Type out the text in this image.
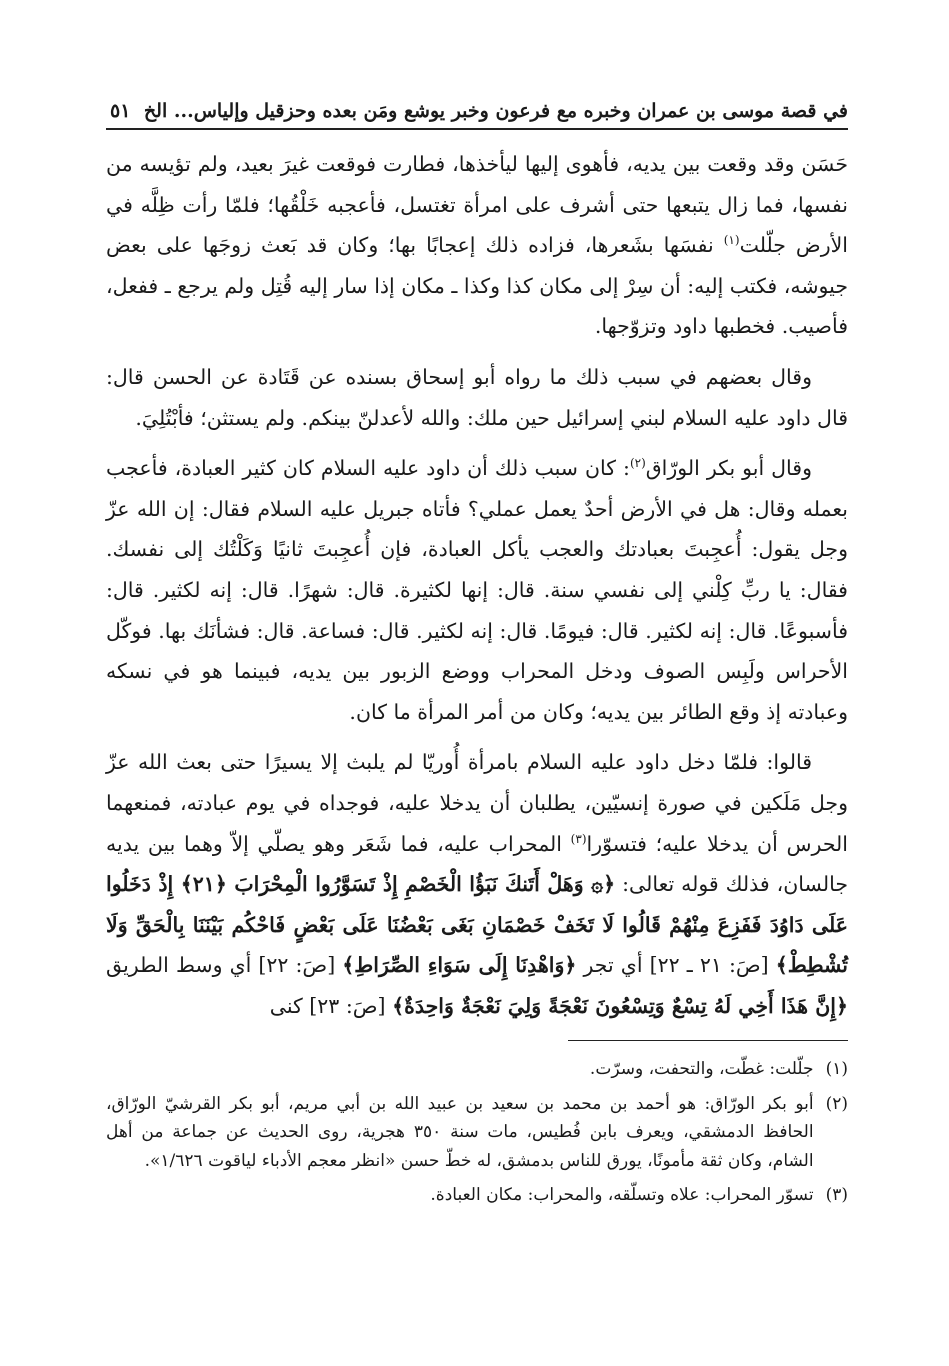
في قصة موسى بن عمران وخبره مع فرعون وخبر يوشع ومَن بعده وحزقيل وإلياس... الخ
٥١

حَسَن وقد وقعت بين يديه، فأهوى إليها ليأخذها، فطارت فوقعت غيرَ بعيد، ولم تؤيسه من نفسها، فما زال يتبعها حتى أشرف على امرأة تغتسل، فأعجبه خَلْقُها؛ فلمّا رأت ظِلَّه في الأرض جلّلت$^{(١)}$ نفسَها بشَعرها، فزاده ذلك إعجابًا بها؛ وكان قد بَعث زوجَها على بعض جيوشه، فكتب إليه: أن سِرْ إلى مكان كذا وكذا ـ مكان إذا سار إليه قُتِل ولم يرجع ـ ففعل، فأصيب. فخطبها داود وتزوّجها.

وقال بعضهم في سبب ذلك ما رواه أبو إسحاق بسنده عن قَتَادة عن الحسن قال: قال داود عليه السلام لبني إسرائيل حين ملك: والله لأعدلنّ بينكم. ولم يستثن؛ فأبْتُلِيَ.

وقال أبو بكر الورّاق$^{(٢)}$: كان سبب ذلك أن داود عليه السلام كان كثير العبادة، فأعجب بعمله وقال: هل في الأرض أحدٌ يعمل عملي؟ فأتاه جبريل عليه السلام فقال: إن الله عزّ وجل يقول: أُعجِبتَ بعبادتك والعجب يأكل العبادة، فإن أُعجِبتَ ثانيًا وَكَلْتُك إلى نفسك. فقال: يا ربِّ كِلْني إلى نفسي سنة. قال: إنها لكثيرة. قال: شهرًا. قال: إنه لكثير. قال: فأسبوعًا. قال: إنه لكثير. قال: فيومًا. قال: إنه لكثير. قال: فساعة. قال: فشأنَك بها. فوكّل الأحراس ولَبِس الصوف ودخل المحراب ووضع الزبور بين يديه، فبينما هو في نسكه وعبادته إذ وقع الطائر بين يديه؛ وكان من أمر المرأة ما كان.

قالوا: فلمّا دخل داود عليه السلام بامرأة أُوريّا لم يلبث إلا يسيرًا حتى بعث الله عزّ وجل مَلَكين في صورة إنسيّين، يطلبان أن يدخلا عليه، فوجداه في يوم عبادته، فمنعهما الحرس أن يدخلا عليه؛ فتسوّرا$^{(٣)}$ المحراب عليه، فما شَعَر وهو يصلّي إلاّ وهما بين يديه جالسان، فذلك قوله تعالى: ﴿۞ وَهَلْ أَتَنكَ نَبَؤُا الْخَصْمِ إِذْ تَسَوَّرُوا الْمِحْرَابَ ﴿٢١﴾ إِذْ دَخَلُوا عَلَى دَاوُدَ فَفَزِعَ مِنْهُمْ قَالُوا لَا تَخَفْ خَصْمَانِ بَغَى بَعْضُنَا عَلَى بَعْضٍ فَاحْكُم بَيْنَنَا بِالْحَقِّ وَلَا تُشْطِطْ﴾ [صَ: ٢١ ـ ٢٢] أي تجر ﴿وَاهْدِنَا إِلَى سَوَاءِ الصِّرَاطِ﴾ [صَ: ٢٢] أي وسط الطريق ﴿إِنَّ هَذَا أَخِي لَهُ تِسْعٌ وَتِسْعُونَ نَعْجَةً وَلِيَ نَعْجَةٌ وَاحِدَةٌ﴾ [صَ: ٢٣] كنى

(١)
جلّلت: غطّت، والتحفت، وسرّت.
(٢)
أبو بكر الورّاق: هو أحمد بن محمد بن سعيد بن عبيد الله بن أبي مريم، أبو بكر القرشيّ الورّاق، الحافظ الدمشقي، ويعرف بابن فُطيس، مات سنة ٣٥٠ هجرية، روى الحديث عن جماعة من أهل الشام، وكان ثقة مأمونًا، يورق للناس بدمشق، له خطّ حسن «انظر معجم الأدباء لياقوت ١/٦٢٦».
(٣)
تسوّر المحراب: علاه وتسلّقه، والمحراب: مكان العبادة.
